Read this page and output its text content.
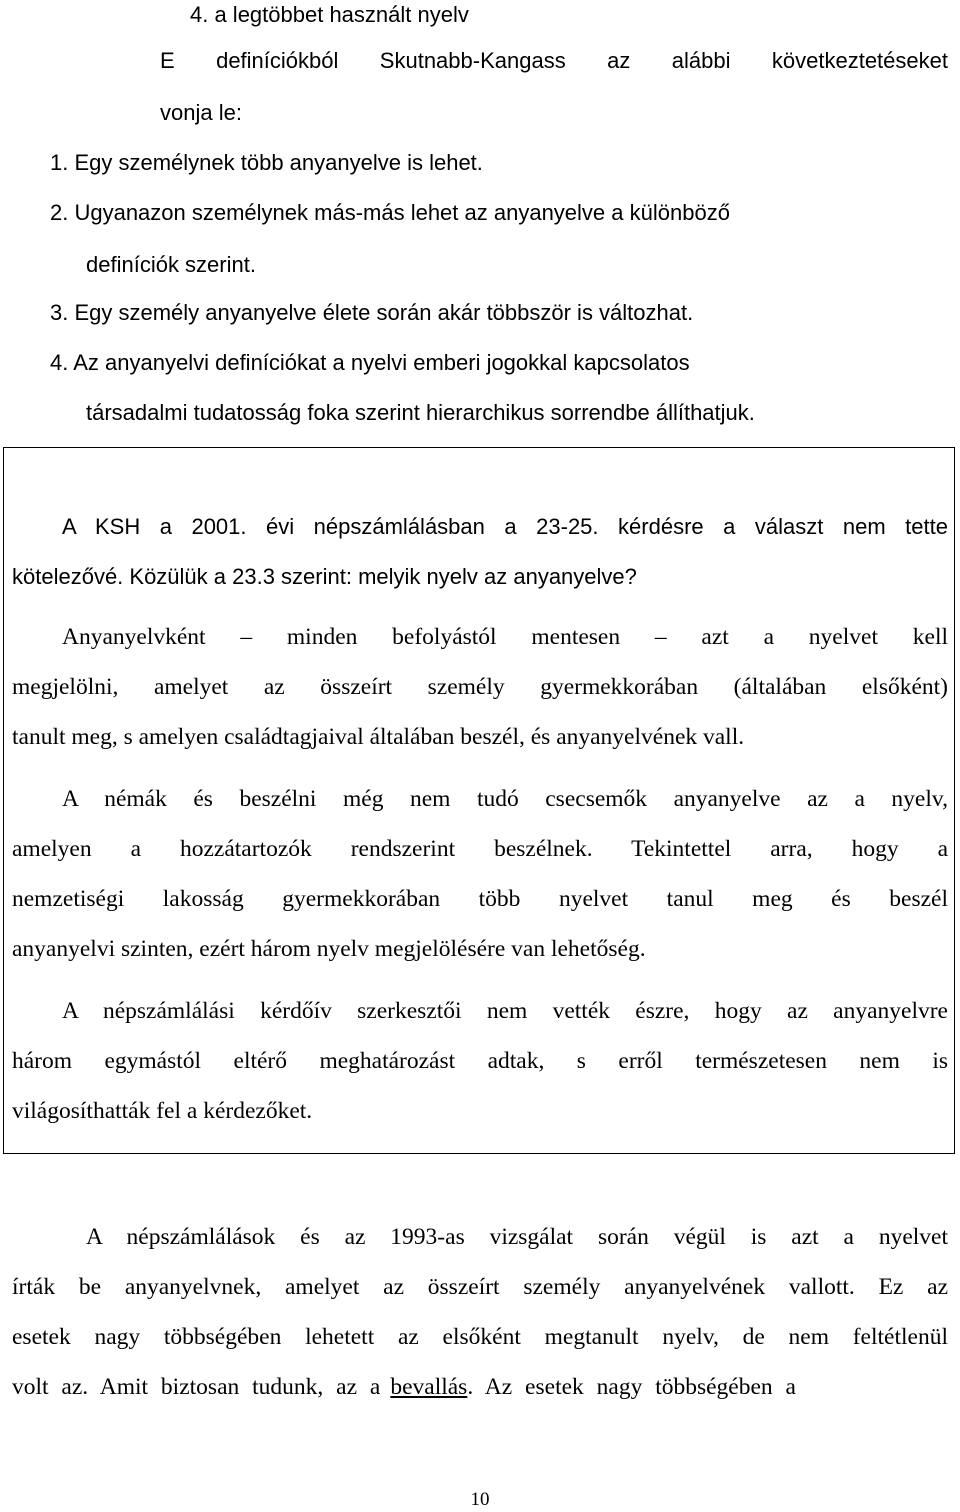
4. a legtöbbet használt nyelv
E definíciókból Skutnabb-Kangass az alábbi következtetéseket
vonja le:
1. Egy személynek több anyanyelve is lehet.
2. Ugyanazon személynek más-más lehet az anyanyelve a különböző
definíciók szerint.
3. Egy személy anyanyelve élete során akár többször is változhat.
4. Az anyanyelvi definíciókat a nyelvi emberi jogokkal kapcsolatos
társadalmi tudatosság foka szerint hierarchikus sorrendbe állíthatjuk.
A KSH a 2001. évi népszámlálásban a 23-25. kérdésre a választ nem tette
kötelezővé. Közülük a 23.3 szerint: melyik nyelv az anyanyelve?
Anyanyelvként – minden befolyástól mentesen – azt a nyelvet kell
megjelölni, amelyet az összeírt személy gyermekkorában (általában elsőként)
tanult meg, s amelyen családtagjaival általában beszél, és anyanyelvének vall.
A némák és beszélni még nem tudó csecsemők anyanyelve az a nyelv,
amelyen a hozzátartozók rendszerint beszélnek. Tekintettel arra, hogy a
nemzetiségi lakosság gyermekkorában több nyelvet tanul meg és beszél
anyanyelvi szinten, ezért három nyelv megjelölésére van lehetőség.
A népszámlálási kérdőív szerkesztői nem vették észre, hogy az anyanyelvre
három egymástól eltérő meghatározást adtak, s erről természetesen nem is
világosíthatták fel a kérdezőket.
A népszámlálások és az 1993-as vizsgálat során végül is azt a nyelvet
írták be anyanyelvnek, amelyet az összeírt személy anyanyelvének vallott. Ez az
esetek nagy többségében lehetett az elsőként megtanult nyelv, de nem feltétlenül
volt az. Amit biztosan tudunk, az a bevallás. Az esetek nagy többségében a
10
